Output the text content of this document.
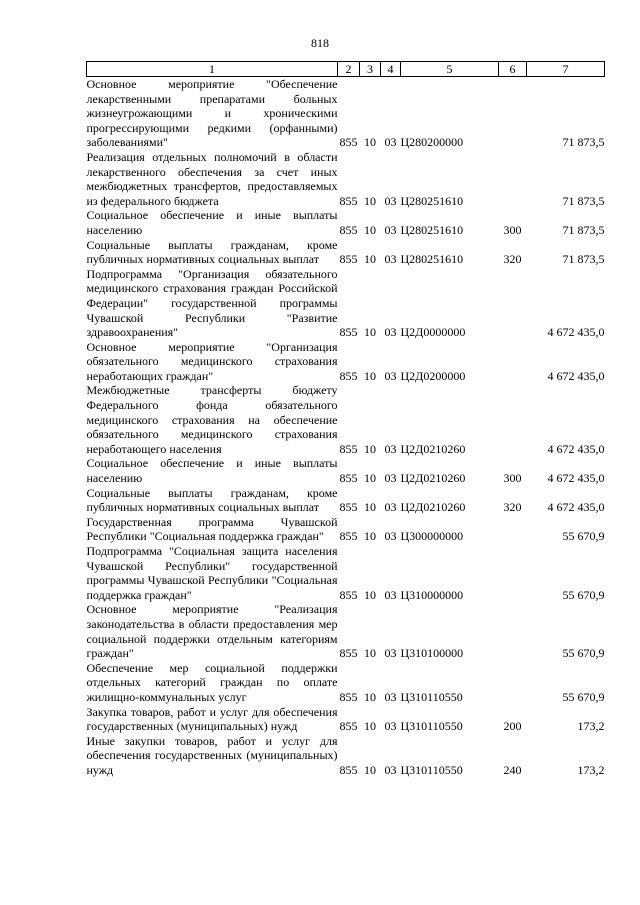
818
1	2	3	4	5	6	7
Основное мероприятие "Обеспечение лекарственными препаратами больных жизнеугрожающими и хроническими прогрессирующими редкими (орфанными) заболеваниями"	855	10	03	Ц280200000		71 873,5
Реализация отдельных полномочий в области лекарственного обеспечения за счет иных межбюджетных трансфертов, предоставляемых из федерального бюджета	855	10	03	Ц280251610		71 873,5
Социальное обеспечение и иные выплаты населению	855	10	03	Ц280251610	300	71 873,5
Социальные выплаты гражданам, кроме публичных нормативных социальных выплат	855	10	03	Ц280251610	320	71 873,5
Подпрограмма "Организация обязательного медицинского страхования граждан Российской Федерации" государственной программы Чувашской Республики "Развитие здравоохранения"	855	10	03	Ц2Д0000000		4 672 435,0
Основное мероприятие "Организация обязательного медицинского страхования неработающих граждан"	855	10	03	Ц2Д0200000		4 672 435,0
Межбюджетные трансферты бюджету Федерального фонда обязательного медицинского страхования на обеспечение обязательного медицинского страхования неработающего населения	855	10	03	Ц2Д0210260		4 672 435,0
Социальное обеспечение и иные выплаты населению	855	10	03	Ц2Д0210260	300	4 672 435,0
Социальные выплаты гражданам, кроме публичных нормативных социальных выплат	855	10	03	Ц2Д0210260	320	4 672 435,0
Государственная программа Чувашской Республики "Социальная поддержка граждан"	855	10	03	Ц300000000		55 670,9
Подпрограмма "Социальная защита населения Чувашской Республики" государственной программы Чувашской Республики "Социальная поддержка граждан"	855	10	03	Ц310000000		55 670,9
Основное мероприятие "Реализация законодательства в области предоставления мер социальной поддержки отдельным категориям граждан"	855	10	03	Ц310100000		55 670,9
Обеспечение мер социальной поддержки отдельных категорий граждан по оплате жилищно-коммунальных услуг	855	10	03	Ц310110550		55 670,9
Закупка товаров, работ и услуг для обеспечения государственных (муниципальных) нужд	855	10	03	Ц310110550	200	173,2
Иные закупки товаров, работ и услуг для обеспечения государственных (муниципальных) нужд	855	10	03	Ц310110550	240	173,2
